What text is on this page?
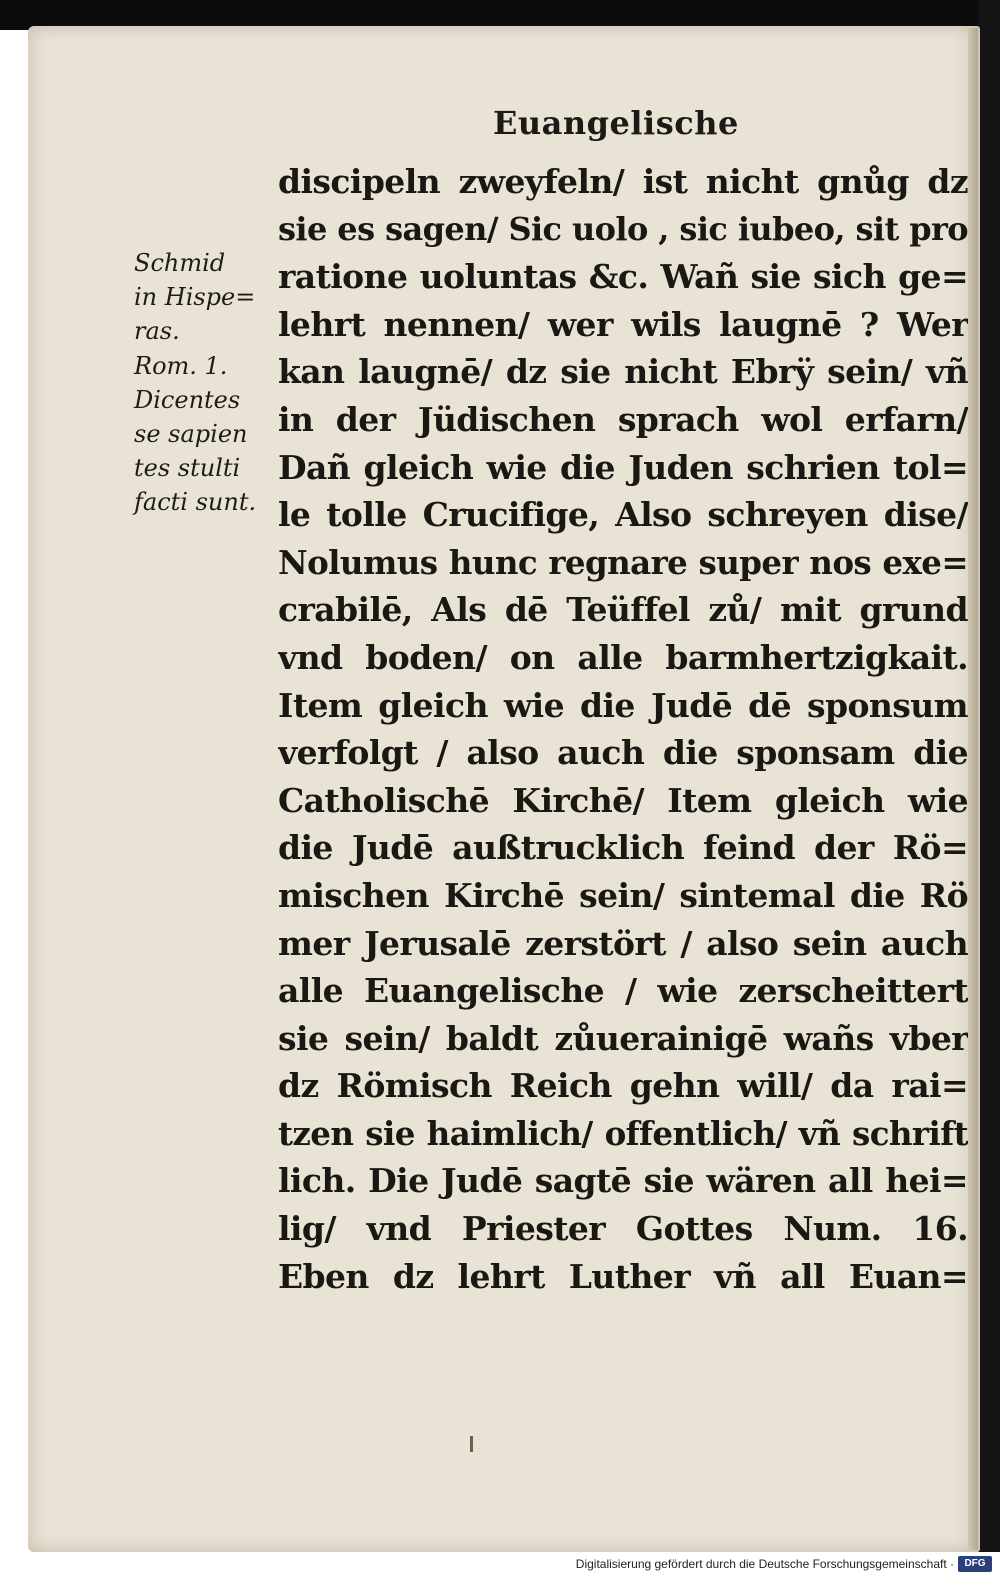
Euangelische
Schmid
in Hispe=
ras.
Rom. 1.
Dicentes
se sapien
tes stulti
facti sunt.
discipeln zweyfeln/ ist nicht gnůg dz
sie es sagen/ Sic uolo , sic iubeo, sit pro
ratione uoluntas &c. Wañ sie sich ge=
lehrt nennen/ wer wils laugnē ? Wer
kan laugnē/ dz sie nicht Ebrÿ sein/ vñ
in der Jüdischen sprach wol erfarn/
Dañ gleich wie die Juden schrien tol=
le tolle Crucifige, Also schreyen dise/
Nolumus hunc regnare super nos exe=
crabilē, Als dē Teüffel zů/ mit grund
vnd boden/ on alle barmhertzigkait.
Item gleich wie die Judē dē sponsum
verfolgt / also auch die sponsam die
Catholischē Kirchē/ Item gleich wie
die Judē außtrucklich feind der Rö=
mischen Kirchē sein/ sintemal die Rö
mer Jerusalē zerstört / also sein auch
alle Euangelische / wie zerscheittert
sie sein/ baldt zůuerainigē wañs vber
dz Römisch Reich gehn will/ da rai=
tzen sie haimlich/ offentlich/ vñ schrift
lich. Die Judē sagtē sie wären all hei=
lig/ vnd Priester Gottes Num. 16.
Eben dz lehrt Luther vñ all Euan=
Digitalisierung gefördert durch die Deutsche Forschungsgemeinschaft ·	DFG
